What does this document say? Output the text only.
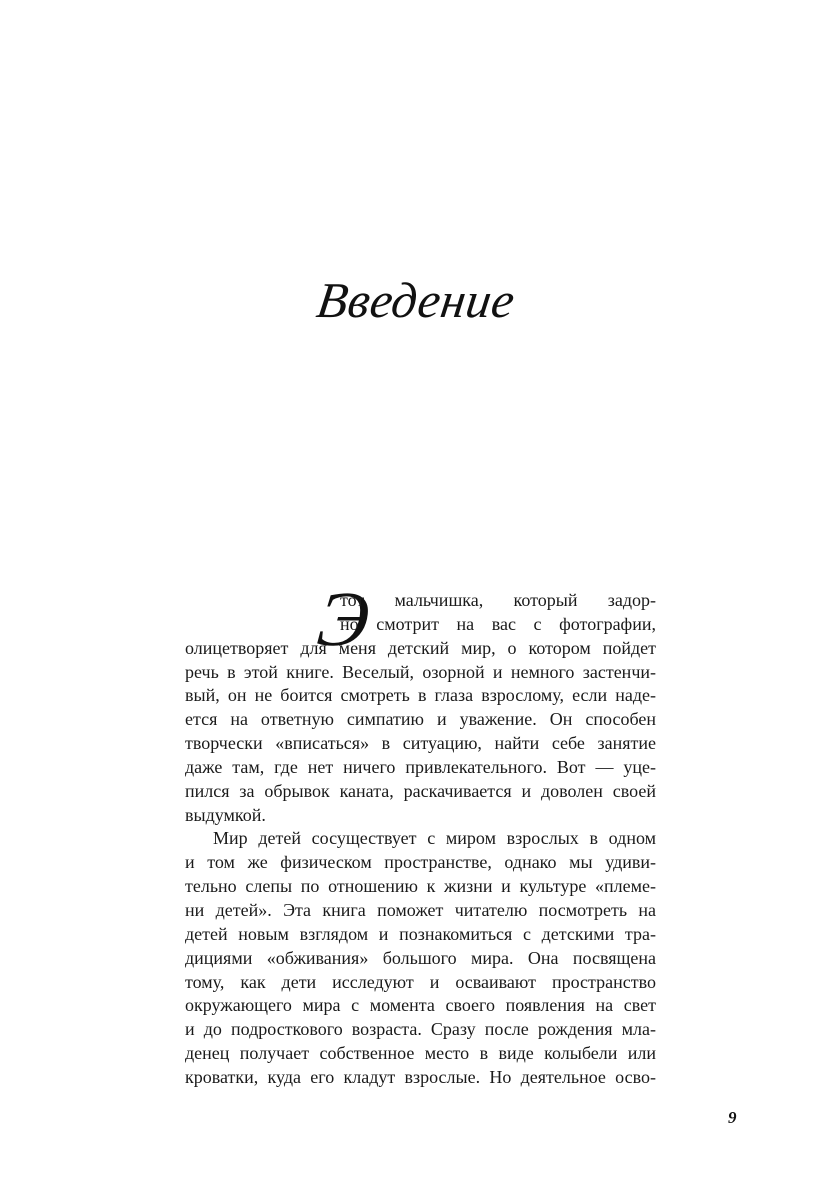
Введение
Э
тот мальчишка, который задор-
но смотрит на вас с фотографии,
олицетворяет для меня детский мир, о котором пойдет
речь в этой книге. Веселый, озорной и немного застенчи-
вый, он не боится смотреть в глаза взрослому, если наде-
ется на ответную симпатию и уважение. Он способен
творчески «вписаться» в ситуацию, найти себе занятие
даже там, где нет ничего привлекательного. Вот — уце-
пился за обрывок каната, раскачивается и доволен своей
выдумкой.
Мир детей сосуществует с миром взрослых в одном
и том же физическом пространстве, однако мы удиви-
тельно слепы по отношению к жизни и культуре «племе-
ни детей». Эта книга поможет читателю посмотреть на
детей новым взглядом и познакомиться с детскими тра-
дициями «обживания» большого мира. Она посвящена
тому, как дети исследуют и осваивают пространство
окружающего мира с момента своего появления на свет
и до подросткового возраста. Сразу после рождения мла-
денец получает собственное место в виде колыбели или
кроватки, куда его кладут взрослые. Но деятельное осво-
9
